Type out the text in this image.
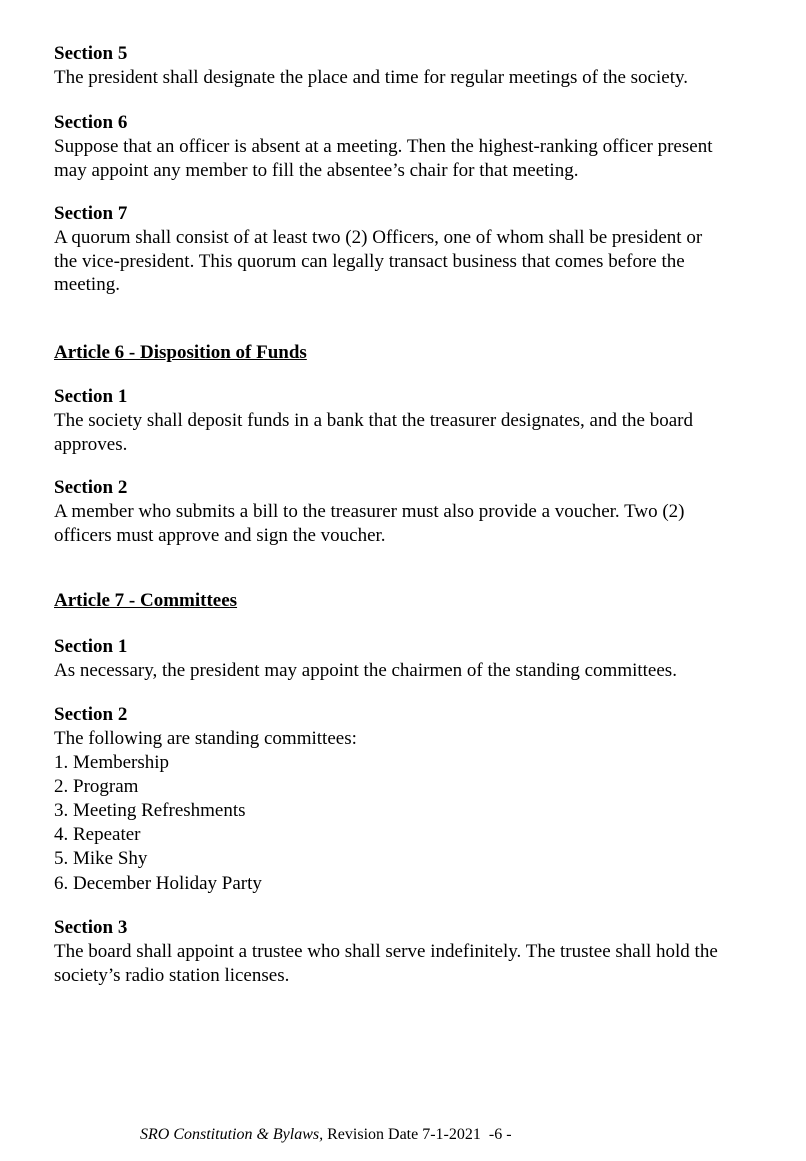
Section 5

The president shall designate the place and time for regular meetings of the society.

Section 6

Suppose that an officer is absent at a meeting. Then the highest-ranking officer present

may appoint any member to fill the absentee’s chair for that meeting.

Section 7

A quorum shall consist of at least two (2) Officers, one of whom shall be president or

the vice-president. This quorum can legally transact business that comes before the

meeting.

Article 6 - Disposition of Funds

Section 1

The society shall deposit funds in a bank that the treasurer designates, and the board

approves.

Section 2

A member who submits a bill to the treasurer must also provide a voucher. Two (2)

officers must approve and sign the voucher.

Article 7 - Committees

Section 1

As necessary, the president may appoint the chairmen of the standing committees.

Section 2

The following are standing committees:

1. Membership
2. Program
3. Meeting Refreshments
4. Repeater
5. Mike Shy
6. December Holiday Party

Section 3

The board shall appoint a trustee who shall serve indefinitely. The trustee shall hold the

society’s radio station licenses.

SRO Constitution & Bylaws, Revision Date 7-1-2021  -6 -
